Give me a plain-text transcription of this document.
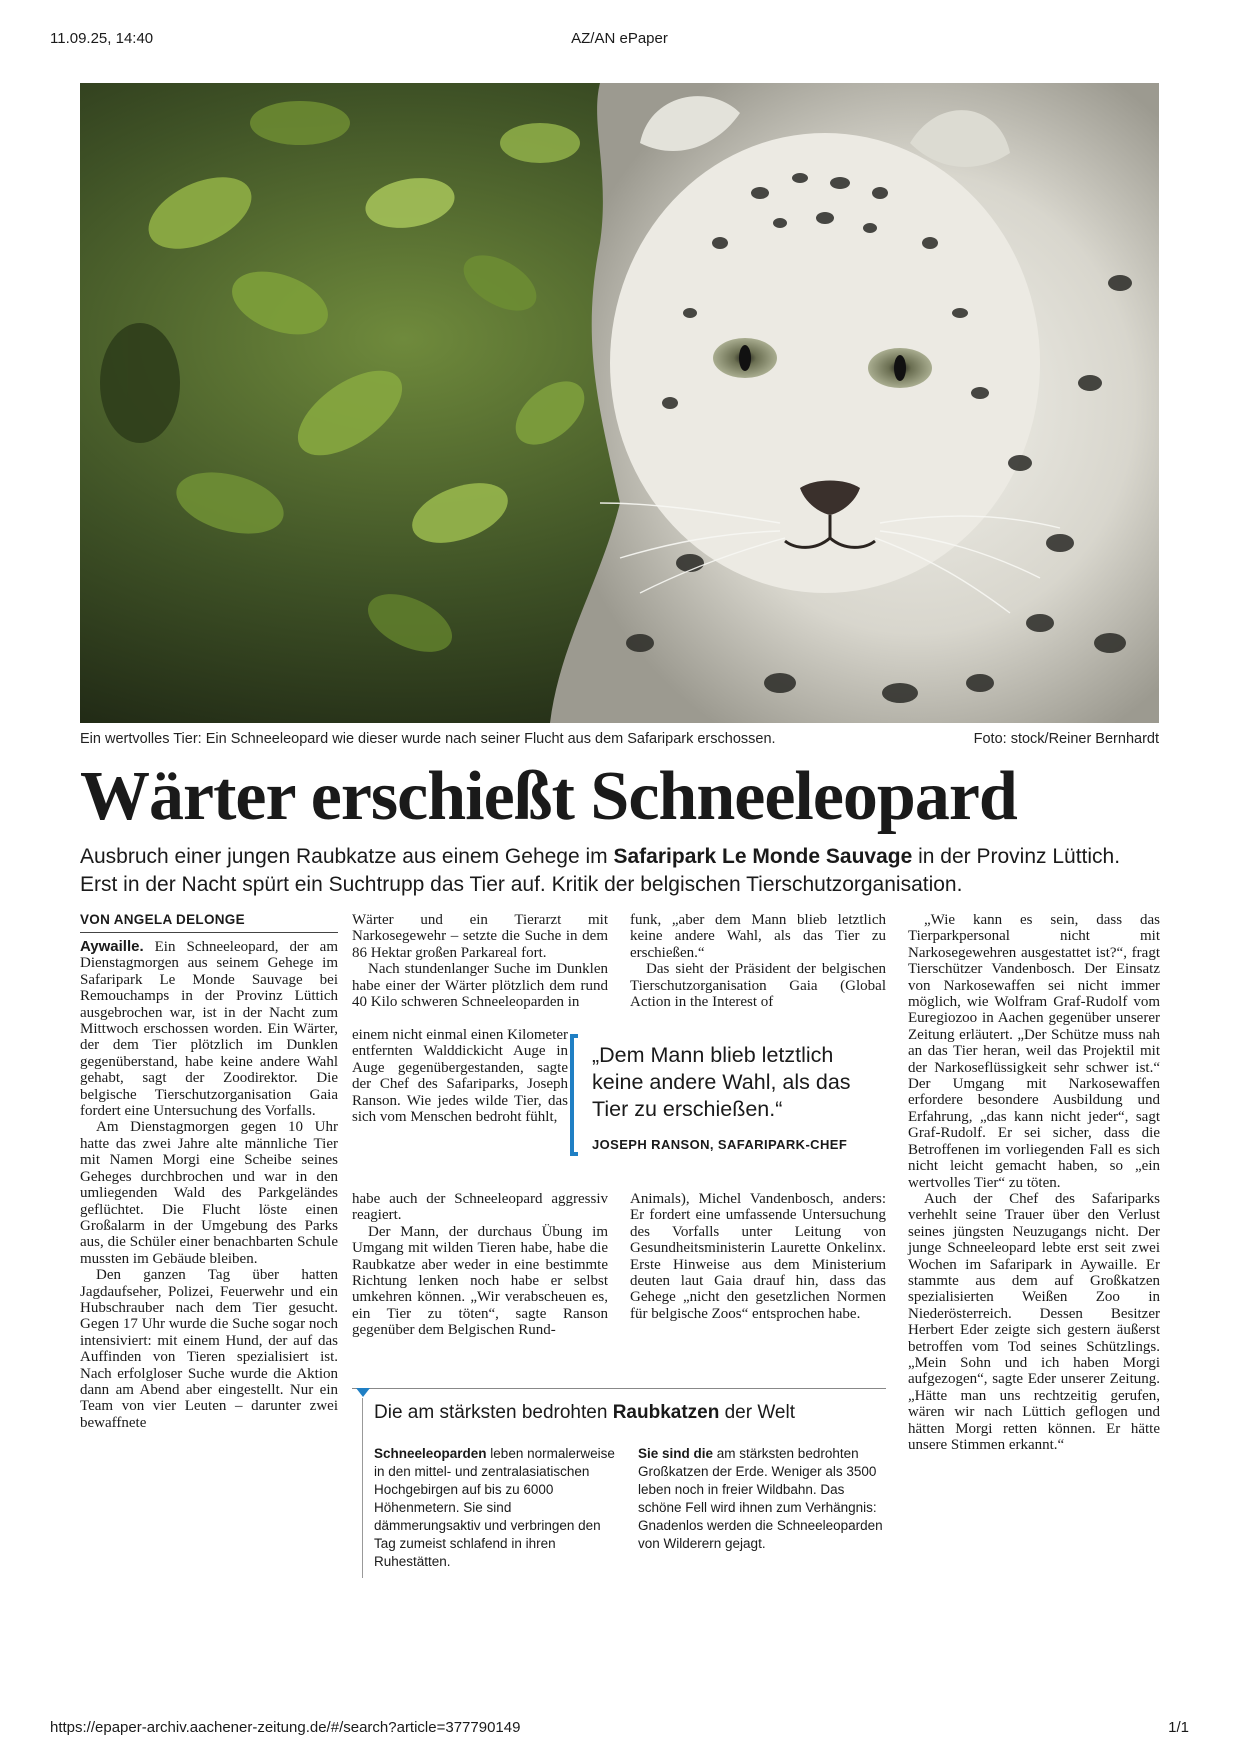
11.09.25, 14:40	AZ/AN ePaper
Ein wertvolles Tier: Ein Schneeleopard wie dieser wurde nach seiner Flucht aus dem Safaripark erschossen.	Foto: stock/Reiner Bernhardt
Wärter erschießt Schneeleopard
Ausbruch einer jungen Raubkatze aus einem Gehege im Safaripark Le Monde Sauvage in der Provinz Lüttich. Erst in der Nacht spürt ein Suchtrupp das Tier auf. Kritik der belgischen Tierschutzorganisation.
VON ANGELA DELONGE

Aywaille. Ein Schneeleopard, der am Dienstagmorgen aus seinem Gehege im Safaripark Le Monde Sauvage bei Remouchamps in der Provinz Lüttich ausgebrochen war, ist in der Nacht zum Mittwoch erschossen worden. Ein Wärter, der dem Tier plötzlich im Dunklen gegenüberstand, habe keine andere Wahl gehabt, sagt der Zoodirektor. Die belgische Tierschutzorganisation Gaia fordert eine Untersuchung des Vorfalls.

Am Dienstagmorgen gegen 10 Uhr hatte das zwei Jahre alte männliche Tier mit Namen Morgi eine Scheibe seines Geheges durchbrochen und war in den umliegenden Wald des Parkgeländes geflüchtet. Die Flucht löste einen Großalarm in der Umgebung des Parks aus, die Schüler einer benachbarten Schule mussten im Gebäude bleiben.

Den ganzen Tag über hatten Jagdaufseher, Polizei, Feuerwehr und ein Hubschrauber nach dem Tier gesucht. Gegen 17 Uhr wurde die Suche sogar noch intensiviert: mit einem Hund, der auf das Auffinden von Tieren spezialisiert ist. Nach erfolgloser Suche wurde die Aktion dann am Abend aber eingestellt. Nur ein Team von vier Leuten – darunter zwei bewaffnete

Wärter und ein Tierarzt mit Narkosegewehr – setzte die Suche in dem 86 Hektar großen Parkareal fort.

Nach stundenlanger Suche im Dunklen habe einer der Wärter plötzlich dem rund 40 Kilo schweren Schneeleoparden in

einem nicht einmal einen Kilometer entfernten Walddickicht Auge in Auge gegenübergestanden, sagte der Chef des Safariparks, Joseph Ranson. Wie jedes wilde Tier, das sich vom Menschen bedroht fühlt,

habe auch der Schneeleopard aggressiv reagiert.

Der Mann, der durchaus Übung im Umgang mit wilden Tieren habe, habe die Raubkatze aber weder in eine bestimmte Richtung lenken noch habe er selbst umkehren können. „Wir verabscheuen es, ein Tier zu töten“, sagte Ranson gegenüber dem Belgischen Rund-

funk, „aber dem Mann blieb letztlich keine andere Wahl, als das Tier zu erschießen.“

Das sieht der Präsident der belgischen Tierschutzorganisation Gaia (Global Action in the Interest of

Animals), Michel Vandenbosch, anders: Er fordert eine umfassende Untersuchung des Vorfalls unter Leitung von Gesundheitsministerin Laurette Onkelinx. Erste Hinweise aus dem Ministerium deuten laut Gaia drauf hin, dass das Gehege „nicht den gesetzlichen Normen für belgische Zoos“ entsprochen habe.

„Dem Mann blieb letztlich keine andere Wahl, als das Tier zu erschießen.“
JOSEPH RANSON, SAFARIPARK-CHEF

„Wie kann es sein, dass das Tierparkpersonal nicht mit Narkosegewehren ausgestattet ist?“, fragt Tierschützer Vandenbosch. Der Einsatz von Narkosewaffen sei nicht immer möglich, wie Wolfram Graf-Rudolf vom Euregiozoo in Aachen gegenüber unserer Zeitung erläutert. „Der Schütze muss nah an das Tier heran, weil das Projektil mit der Narkoseflüssigkeit sehr schwer ist.“ Der Umgang mit Narkosewaffen erfordere besondere Ausbildung und Erfahrung, „das kann nicht jeder“, sagt Graf-Rudolf. Er sei sicher, dass die Betroffenen im vorliegenden Fall es sich nicht leicht gemacht haben, so „ein wertvolles Tier“ zu töten.

Auch der Chef des Safariparks verhehlt seine Trauer über den Verlust seines jüngsten Neuzugangs nicht. Der junge Schneeleopard lebte erst seit zwei Wochen im Safaripark in Aywaille. Er stammte aus dem auf Großkatzen spezialisierten Weißen Zoo in Niederösterreich. Dessen Besitzer Herbert Eder zeigte sich gestern äußerst betroffen vom Tod seines Schützlings. „Mein Sohn und ich haben Morgi aufgezogen“, sagte Eder unserer Zeitung. „Hätte man uns rechtzeitig gerufen, wären wir nach Lüttich geflogen und hätten Morgi retten können. Er hätte unsere Stimmen erkannt.“

Die am stärksten bedrohten Raubkatzen der Welt
Schneeleoparden leben normalerweise in den mittel- und zentralasiatischen Hochgebirgen auf bis zu 6000 Höhenmetern. Sie sind dämmerungsaktiv und verbringen den Tag zumeist schlafend in ihren Ruhestätten.
Sie sind die am stärksten bedrohten Großkatzen der Erde. Weniger als 3500 leben noch in freier Wildbahn. Das schöne Fell wird ihnen zum Verhängnis: Gnadenlos werden die Schneeleoparden von Wilderern gejagt.
https://epaper-archiv.aachener-zeitung.de/#/search?article=377790149	1/1
